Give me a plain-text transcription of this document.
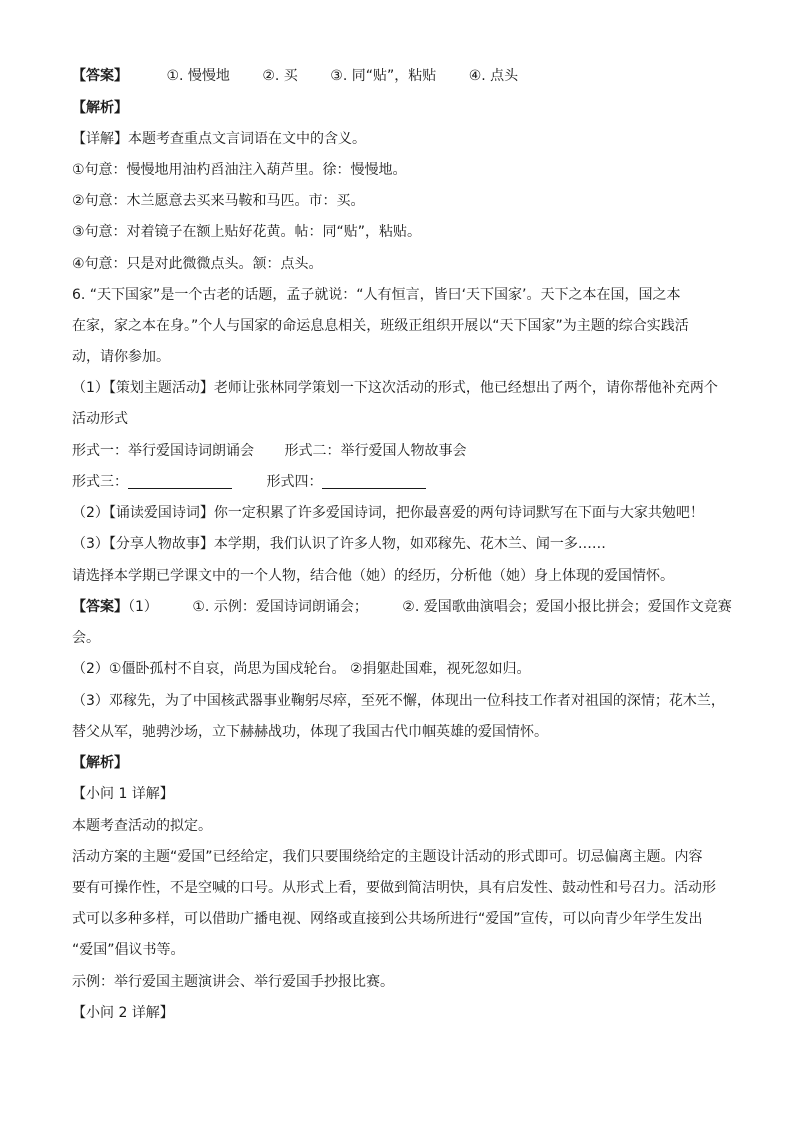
【答案】	①. 慢慢地 ②. 买 ③. 同“贴”，粘贴 ④. 点头
【解析】
【详解】本题考查重点文言词语在文中的含义。
①句意：慢慢地用油杓舀油注入葫芦里。徐：慢慢地。
②句意：木兰愿意去买来马鞍和马匹。市：买。
③句意：对着镜子在额上贴好花黄。帖：同“贴”，粘贴。
④句意：只是对此微微点头。颔：点头。
6. “天下国家”是一个古老的话题，孟子就说：“人有恒言，皆曰‘天下国家’。天下之本在国，国之本
在家，家之本在身。”个人与国家的命运息息相关，班级正组织开展以“天下国家”为主题的综合实践活
动，请你参加。
（1）【策划主题活动】老师让张林同学策划一下这次活动的形式，他已经想出了两个，请你帮他补充两个
活动形式
形式一：举行爱国诗词朗诵会 形式二：举行爱国人物故事会
形式三：	形式四：
（2）【诵读爱国诗词】你一定积累了许多爱国诗词，把你最喜爱的两句诗词默写在下面与大家共勉吧！
（3）【分享人物故事】本学期，我们认识了许多人物，如邓稼先、花木兰、闻一多……
请选择本学期已学课文中的一个人物，结合他（她）的经历，分析他（她）身上体现的爱国情怀。
【答案】（1） ①. 示例：爱国诗词朗诵会； ②. 爱国歌曲演唱会；爱国小报比拼会；爱国作文竞赛
会。
（2）①僵卧孤村不自哀，尚思为国戍轮台。 ②捐躯赴国难，视死忽如归。
（3）邓稼先，为了中国核武器事业鞠躬尽瘁，至死不懈，体现出一位科技工作者对祖国的深情；花木兰，
替父从军，驰骋沙场，立下赫赫战功，体现了我国古代巾帼英雄的爱国情怀。
【解析】
【小问 1 详解】
本题考查活动的拟定。
活动方案的主题“爱国”已经给定，我们只要围绕给定的主题设计活动的形式即可。切忌偏离主题。内容
要有可操作性，不是空喊的口号。从形式上看，要做到简洁明快，具有启发性、鼓动性和号召力。活动形
式可以多种多样，可以借助广播电视、网络或直接到公共场所进行“爱国”宣传，可以向青少年学生发出
“爱国”倡议书等。
示例：举行爱国主题演讲会、举行爱国手抄报比赛。
【小问 2 详解】
